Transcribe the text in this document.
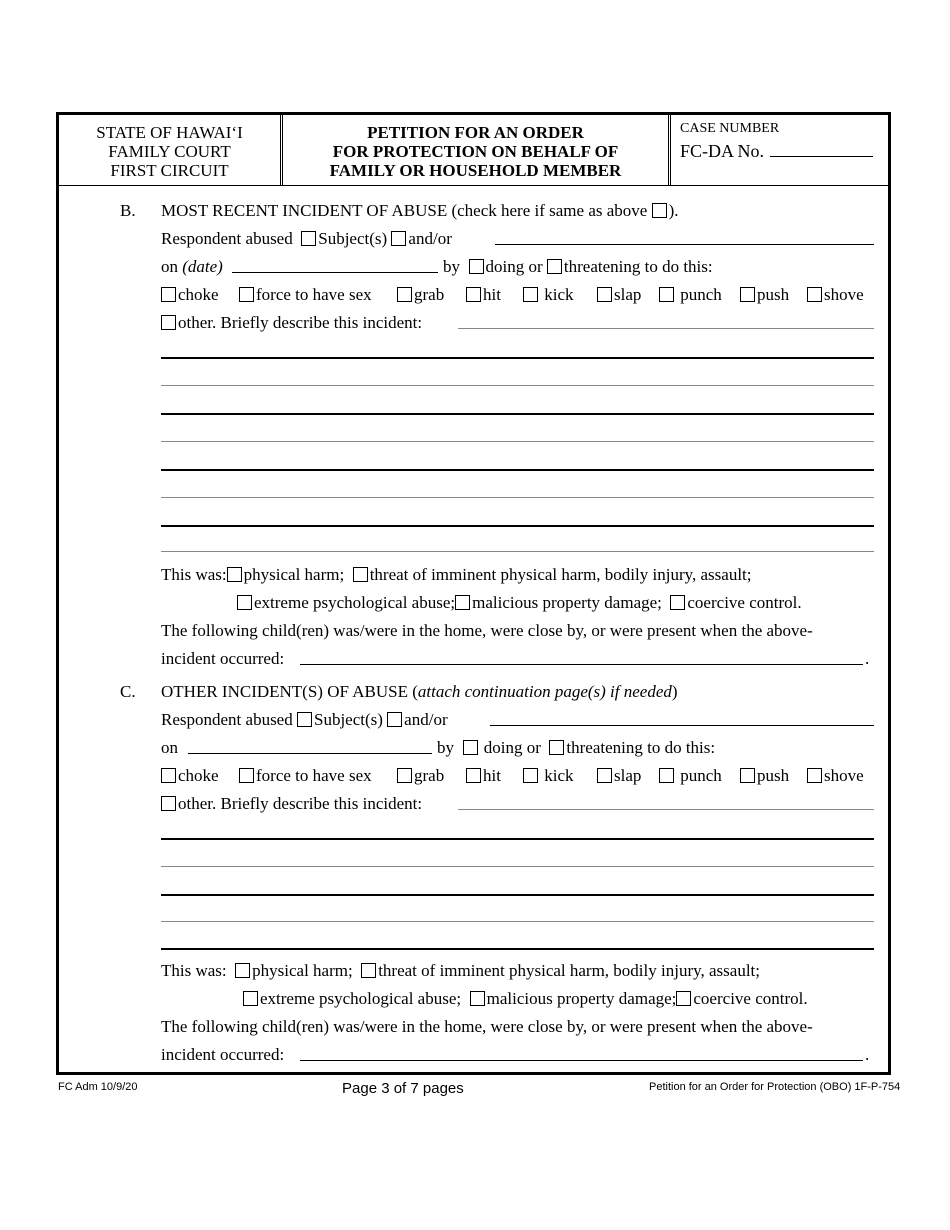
STATE OF HAWAI‘I
FAMILY COURT
FIRST CIRCUIT
PETITION FOR AN ORDER
FOR PROTECTION ON BEHALF OF
FAMILY OR HOUSEHOLD MEMBER
CASE NUMBER
FC-DA No.
B. MOST RECENT INCIDENT OF ABUSE (check here if same as above ).
Respondent abused Subject(s) and/or
on (date)	by doing or threatening to do this:
choke	force to have sex	grab	hit	kick	slap	punch	push	shove
other. Briefly describe this incident:
This was: physical harm; threat of imminent physical harm, bodily injury, assault;
extreme psychological abuse; malicious property damage; coercive control.
The following child(ren) was/were in the home, were close by, or were present when the above-
incident occurred:	.
C. OTHER INCIDENT(S) OF ABUSE (attach continuation page(s) if needed)
Respondent abused Subject(s) and/or
on	by doing or threatening to do this:
choke	force to have sex	grab	hit	kick	slap	punch	push	shove
other. Briefly describe this incident:
This was: physical harm; threat of imminent physical harm, bodily injury, assault;
extreme psychological abuse; malicious property damage; coercive control.
The following child(ren) was/were in the home, were close by, or were present when the above-
incident occurred:	.
FC Adm 10/9/20	Page 3 of 7 pages	Petition for an Order for Protection (OBO) 1F-P-754
